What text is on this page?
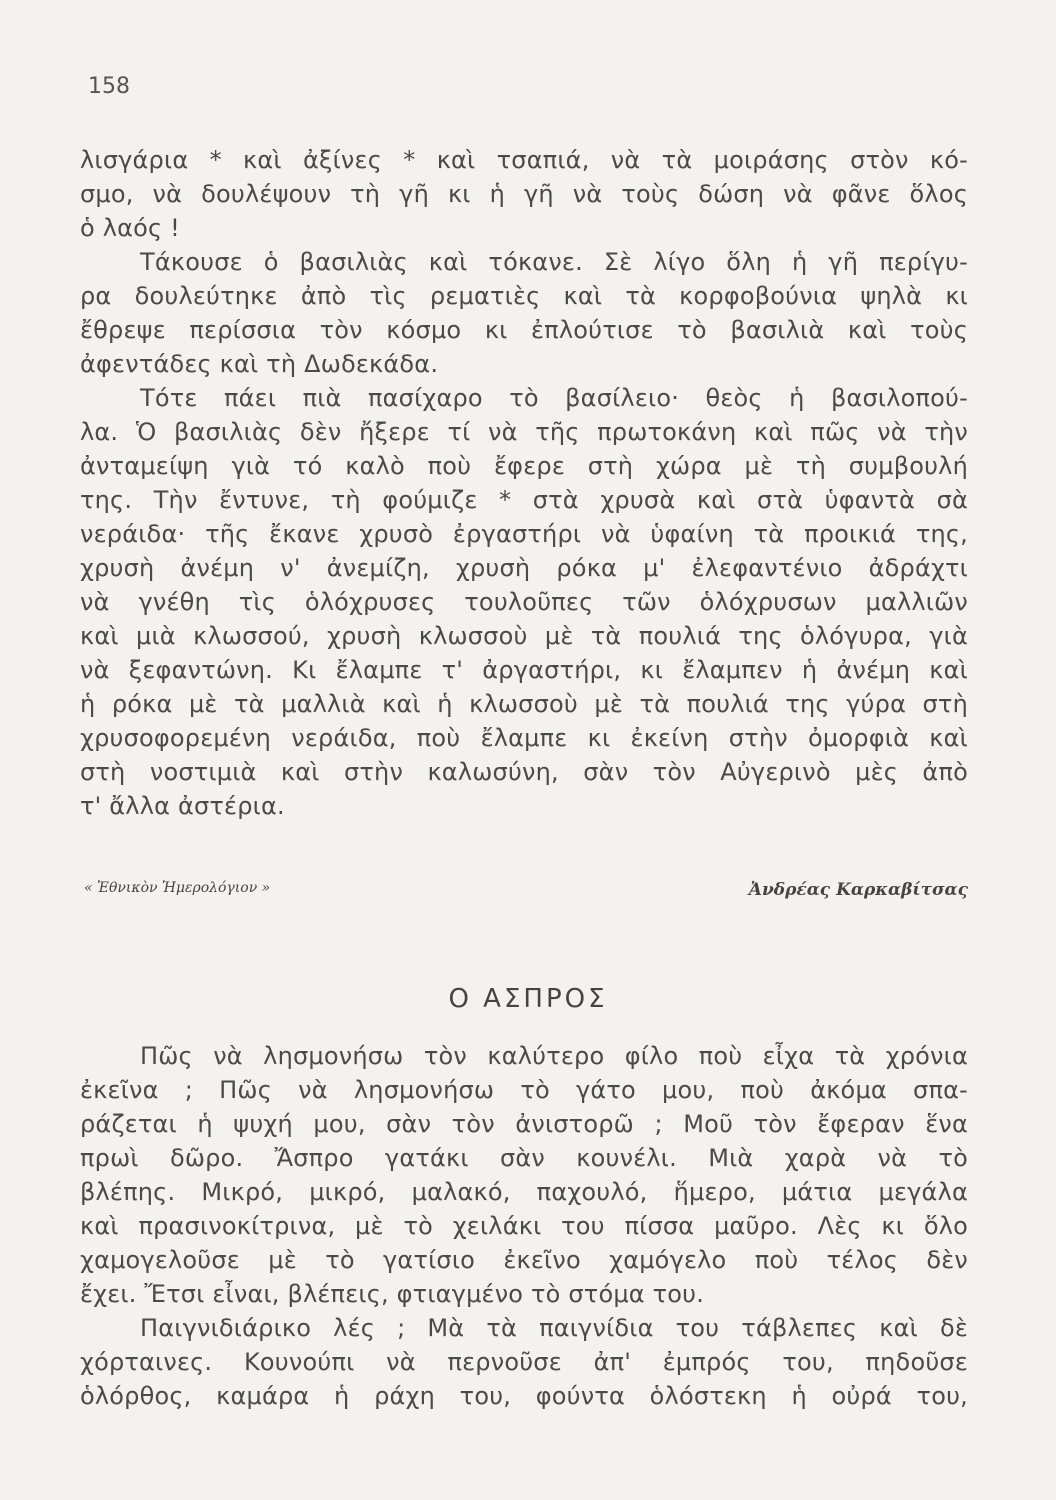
158
λισγάρια * καὶ ἀξίνες * καὶ τσαπιά, νὰ τὰ μοιράσης στὸν κό-
σμο, νὰ δουλέψουν τὴ γῆ κι ἡ γῆ νὰ τοὺς δώση νὰ φᾶνε ὅλος
ὁ λαός !
Τάκουσε ὁ βασιλιὰς καὶ τόκανε. Σὲ λίγο ὅλη ἡ γῆ περίγυ-
ρα δουλεύτηκε ἀπὸ τὶς ρεματιὲς καὶ τὰ κορφοβούνια ψηλὰ κι
ἔθρεψε περίσσια τὸν κόσμο κι ἐπλούτισε τὸ βασιλιὰ καὶ τοὺς
ἀφεντάδες καὶ τὴ Δωδεκάδα.
Τότε πάει πιὰ πασίχαρο τὸ βασίλειο· θεὸς ἡ βασιλοπού-
λα. Ὁ βασιλιὰς δὲν ἤξερε τί νὰ τῆς πρωτοκάνη καὶ πῶς νὰ τὴν
ἀνταμείψη γιὰ τό καλὸ ποὺ ἔφερε στὴ χώρα μὲ τὴ συμβουλή
της. Τὴν ἔντυνε, τὴ φούμιζε * στὰ χρυσὰ καὶ στὰ ὑφαντὰ σὰ
νεράιδα· τῆς ἔκανε χρυσὸ ἐργαστήρι νὰ ὑφαίνη τὰ προικιά της,
χρυσὴ ἀνέμη ν' ἀνεμίζη, χρυσὴ ρόκα μ' ἐλεφαντένιο ἀδράχτι
νὰ γνέθη τὶς ὁλόχρυσες τουλοῦπες τῶν ὁλόχρυσων μαλλιῶν
καὶ μιὰ κλωσσού, χρυσὴ κλωσσοὺ μὲ τὰ πουλιά της ὁλόγυρα, γιὰ
νὰ ξεφαντώνη. Κι ἔλαμπε τ' ἀργαστήρι, κι ἔλαμπεν ἡ ἀνέμη καὶ
ἡ ρόκα μὲ τὰ μαλλιὰ καὶ ἡ κλωσσοὺ μὲ τὰ πουλιά της γύρα στὴ
χρυσοφορεμένη νεράιδα, ποὺ ἔλαμπε κι ἐκείνη στὴν ὀμορφιὰ καὶ
στὴ νοστιμιὰ καὶ στὴν καλωσύνη, σὰν τὸν Αὐγερινὸ μὲς ἀπὸ
τ' ἄλλα ἀστέρια.
« Ἐθνικὸν Ἡμερολόγιον »	Ἀνδρέας Καρκαβίτσας
Ο ΑΣΠΡΟΣ
Πῶς νὰ λησμονήσω τὸν καλύτερο φίλο ποὺ εἶχα τὰ χρόνια
ἐκεῖνα ; Πῶς νὰ λησμονήσω τὸ γάτο μου, ποὺ ἀκόμα σπα-
ράζεται ἡ ψυχή μου, σὰν τὸν ἀνιστορῶ ; Μοῦ τὸν ἔφεραν ἕνα
πρωὶ δῶρο. Ἄσπρο γατάκι σὰν κουνέλι. Μιὰ χαρὰ νὰ τὸ
βλέπης. Μικρό, μικρό, μαλακό, παχουλό, ἥμερο, μάτια μεγάλα
καὶ πρασινοκίτρινα, μὲ τὸ χειλάκι του πίσσα μαῦρο. Λὲς κι ὅλο
χαμογελοῦσε μὲ τὸ γατίσιο ἐκεῖνο χαμόγελο ποὺ τέλος δὲν
ἔχει. Ἔτσι εἶναι, βλέπεις, φτιαγμένο τὸ στόμα του.
Παιγνιδιάρικο λές ; Μὰ τὰ παιγνίδια του τάβλεπες καὶ δὲ
χόρταινες. Κουνούπι νὰ περνοῦσε ἀπ' ἐμπρός του, πηδοῦσε
ὁλόρθος, καμάρα ἡ ράχη του, φούντα ὁλόστεκη ἡ οὐρά του,
